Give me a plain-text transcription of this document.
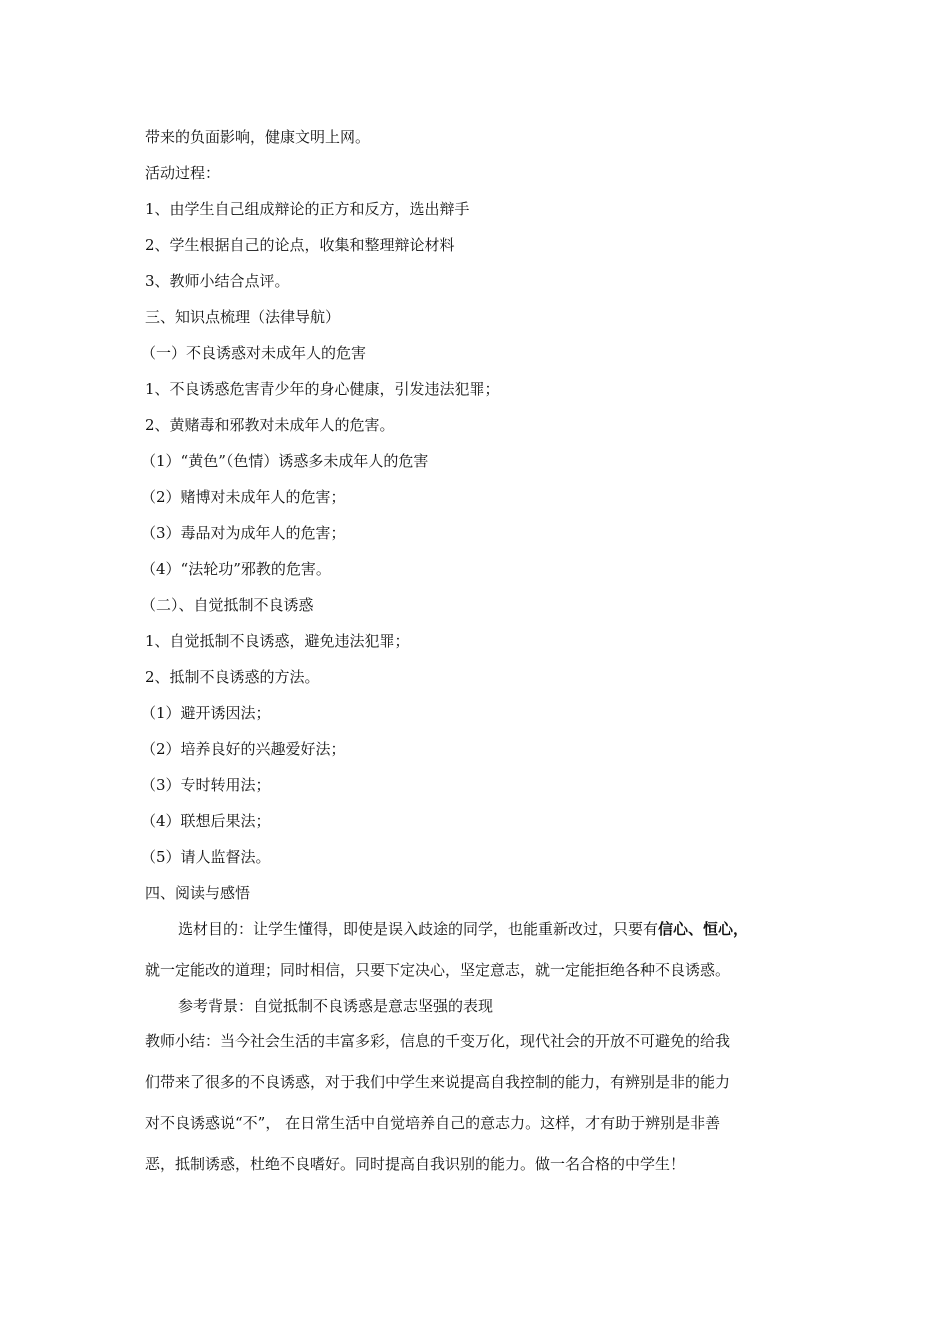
带来的负面影响，健康文明上网。
活动过程：
1、由学生自己组成辩论的正方和反方，选出辩手
2、学生根据自己的论点，收集和整理辩论材料
3、教师小结合点评。
三、知识点梳理（法律导航）
（一）不良诱惑对未成年人的危害
1、不良诱惑危害青少年的身心健康，引发违法犯罪；
2、黄赌毒和邪教对未成年人的危害。
（1）“黄色”（色情）诱惑多未成年人的危害
（2）赌博对未成年人的危害；
（3）毒品对为成年人的危害；
（4）“法轮功”邪教的危害。
（二）、自觉抵制不良诱惑
1、自觉抵制不良诱惑，避免违法犯罪；
2、抵制不良诱惑的方法。
（1）避开诱因法；
（2）培养良好的兴趣爱好法；
（3）专时转用法；
（4）联想后果法；
（5）请人监督法。
四、阅读与感悟
选材目的：让学生懂得，即使是误入歧途的同学，也能重新改过，只要有信心、恒心，
就一定能改的道理；同时相信，只要下定决心，坚定意志，就一定能拒绝各种不良诱惑。
参考背景：自觉抵制不良诱惑是意志坚强的表现
教师小结：当今社会生活的丰富多彩，信息的千变万化，现代社会的开放不可避免的给我
们带来了很多的不良诱惑，对于我们中学生来说提高自我控制的能力，有辨别是非的能力
对不良诱惑说“不”， 在日常生活中自觉培养自己的意志力。这样，才有助于辨别是非善
恶，抵制诱惑，杜绝不良嗜好。同时提高自我识别的能力。做一名合格的中学生！
